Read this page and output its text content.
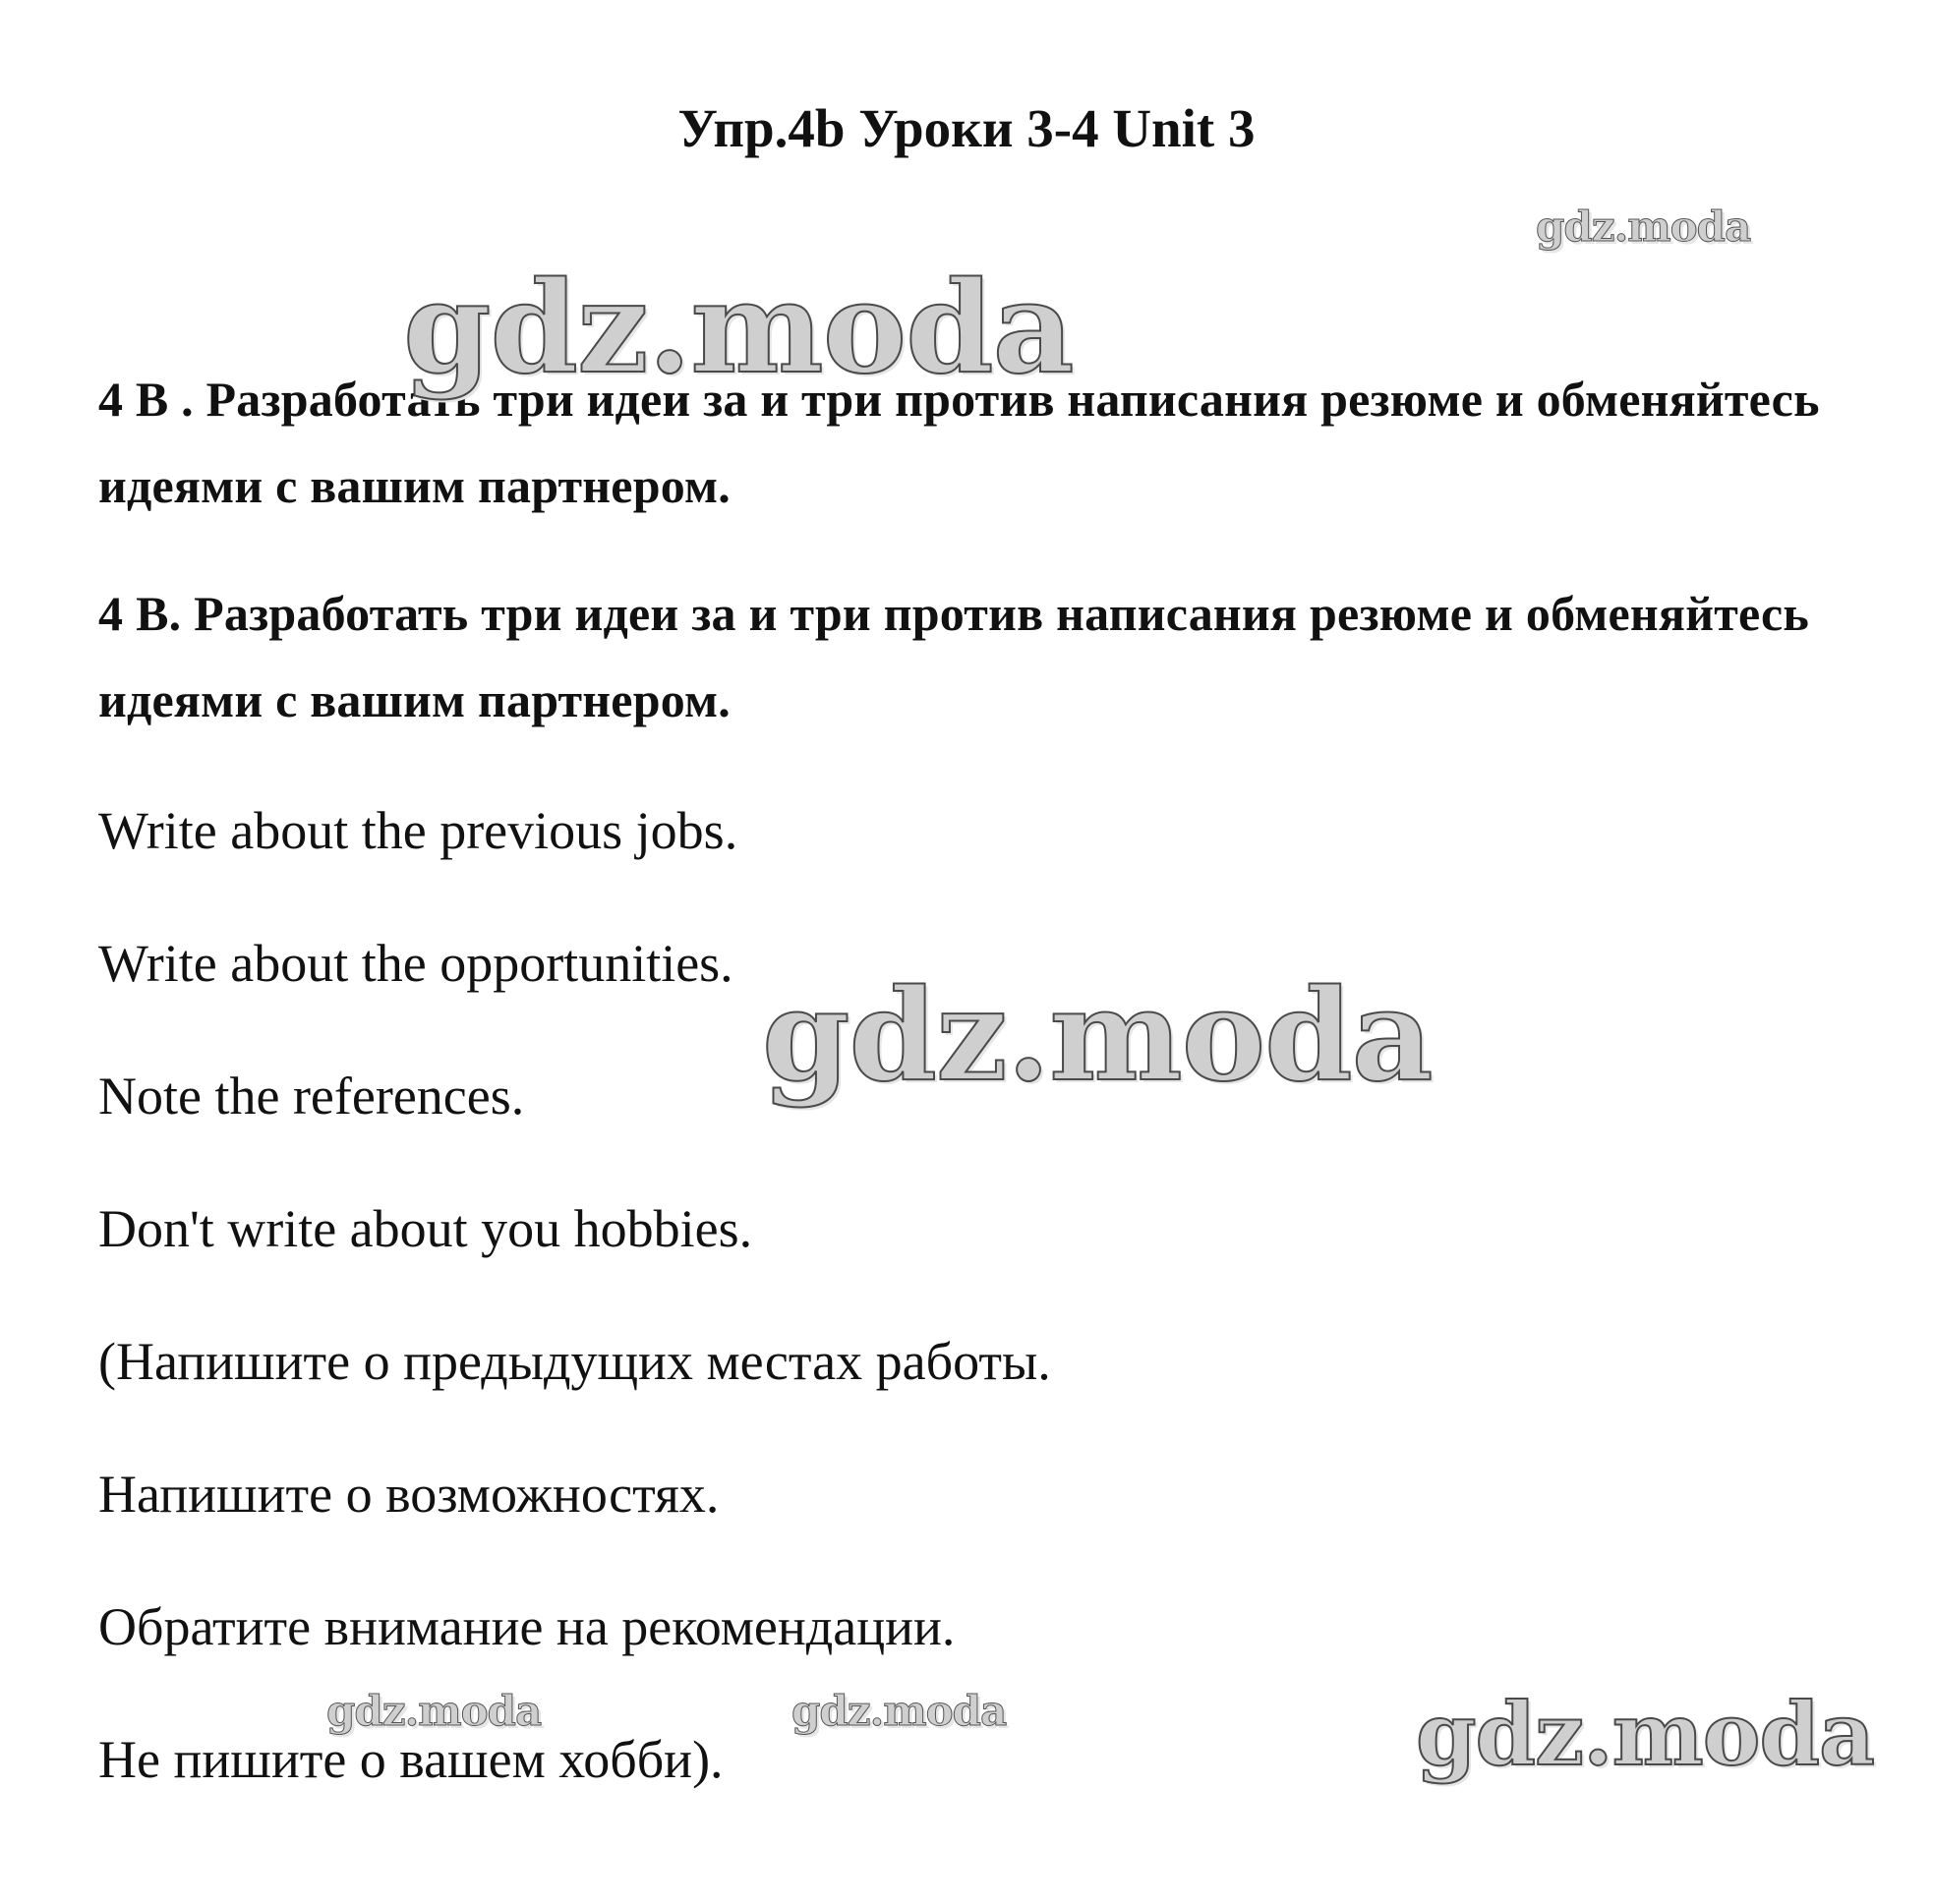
Упр.4b Уроки 3-4 Unit 3

4 В . Разработать три идеи за и три против написания резюме и обменяйтесь идеями с вашим партнером.

4 В. Разработать три идеи за и три против написания резюме и обменяйтесь идеями с вашим партнером.

Write about the previous jobs.

Write about the opportunities.

Note the references.

Don't write about you hobbies.

(Напишите о предыдущих местах работы.

Напишите о возможностях.

Обратите внимание на рекомендации.

Не пишите о вашем хобби).

gdz.moda
gdz.moda
gdz.moda
gdz.moda	gdz.moda	gdz.moda
